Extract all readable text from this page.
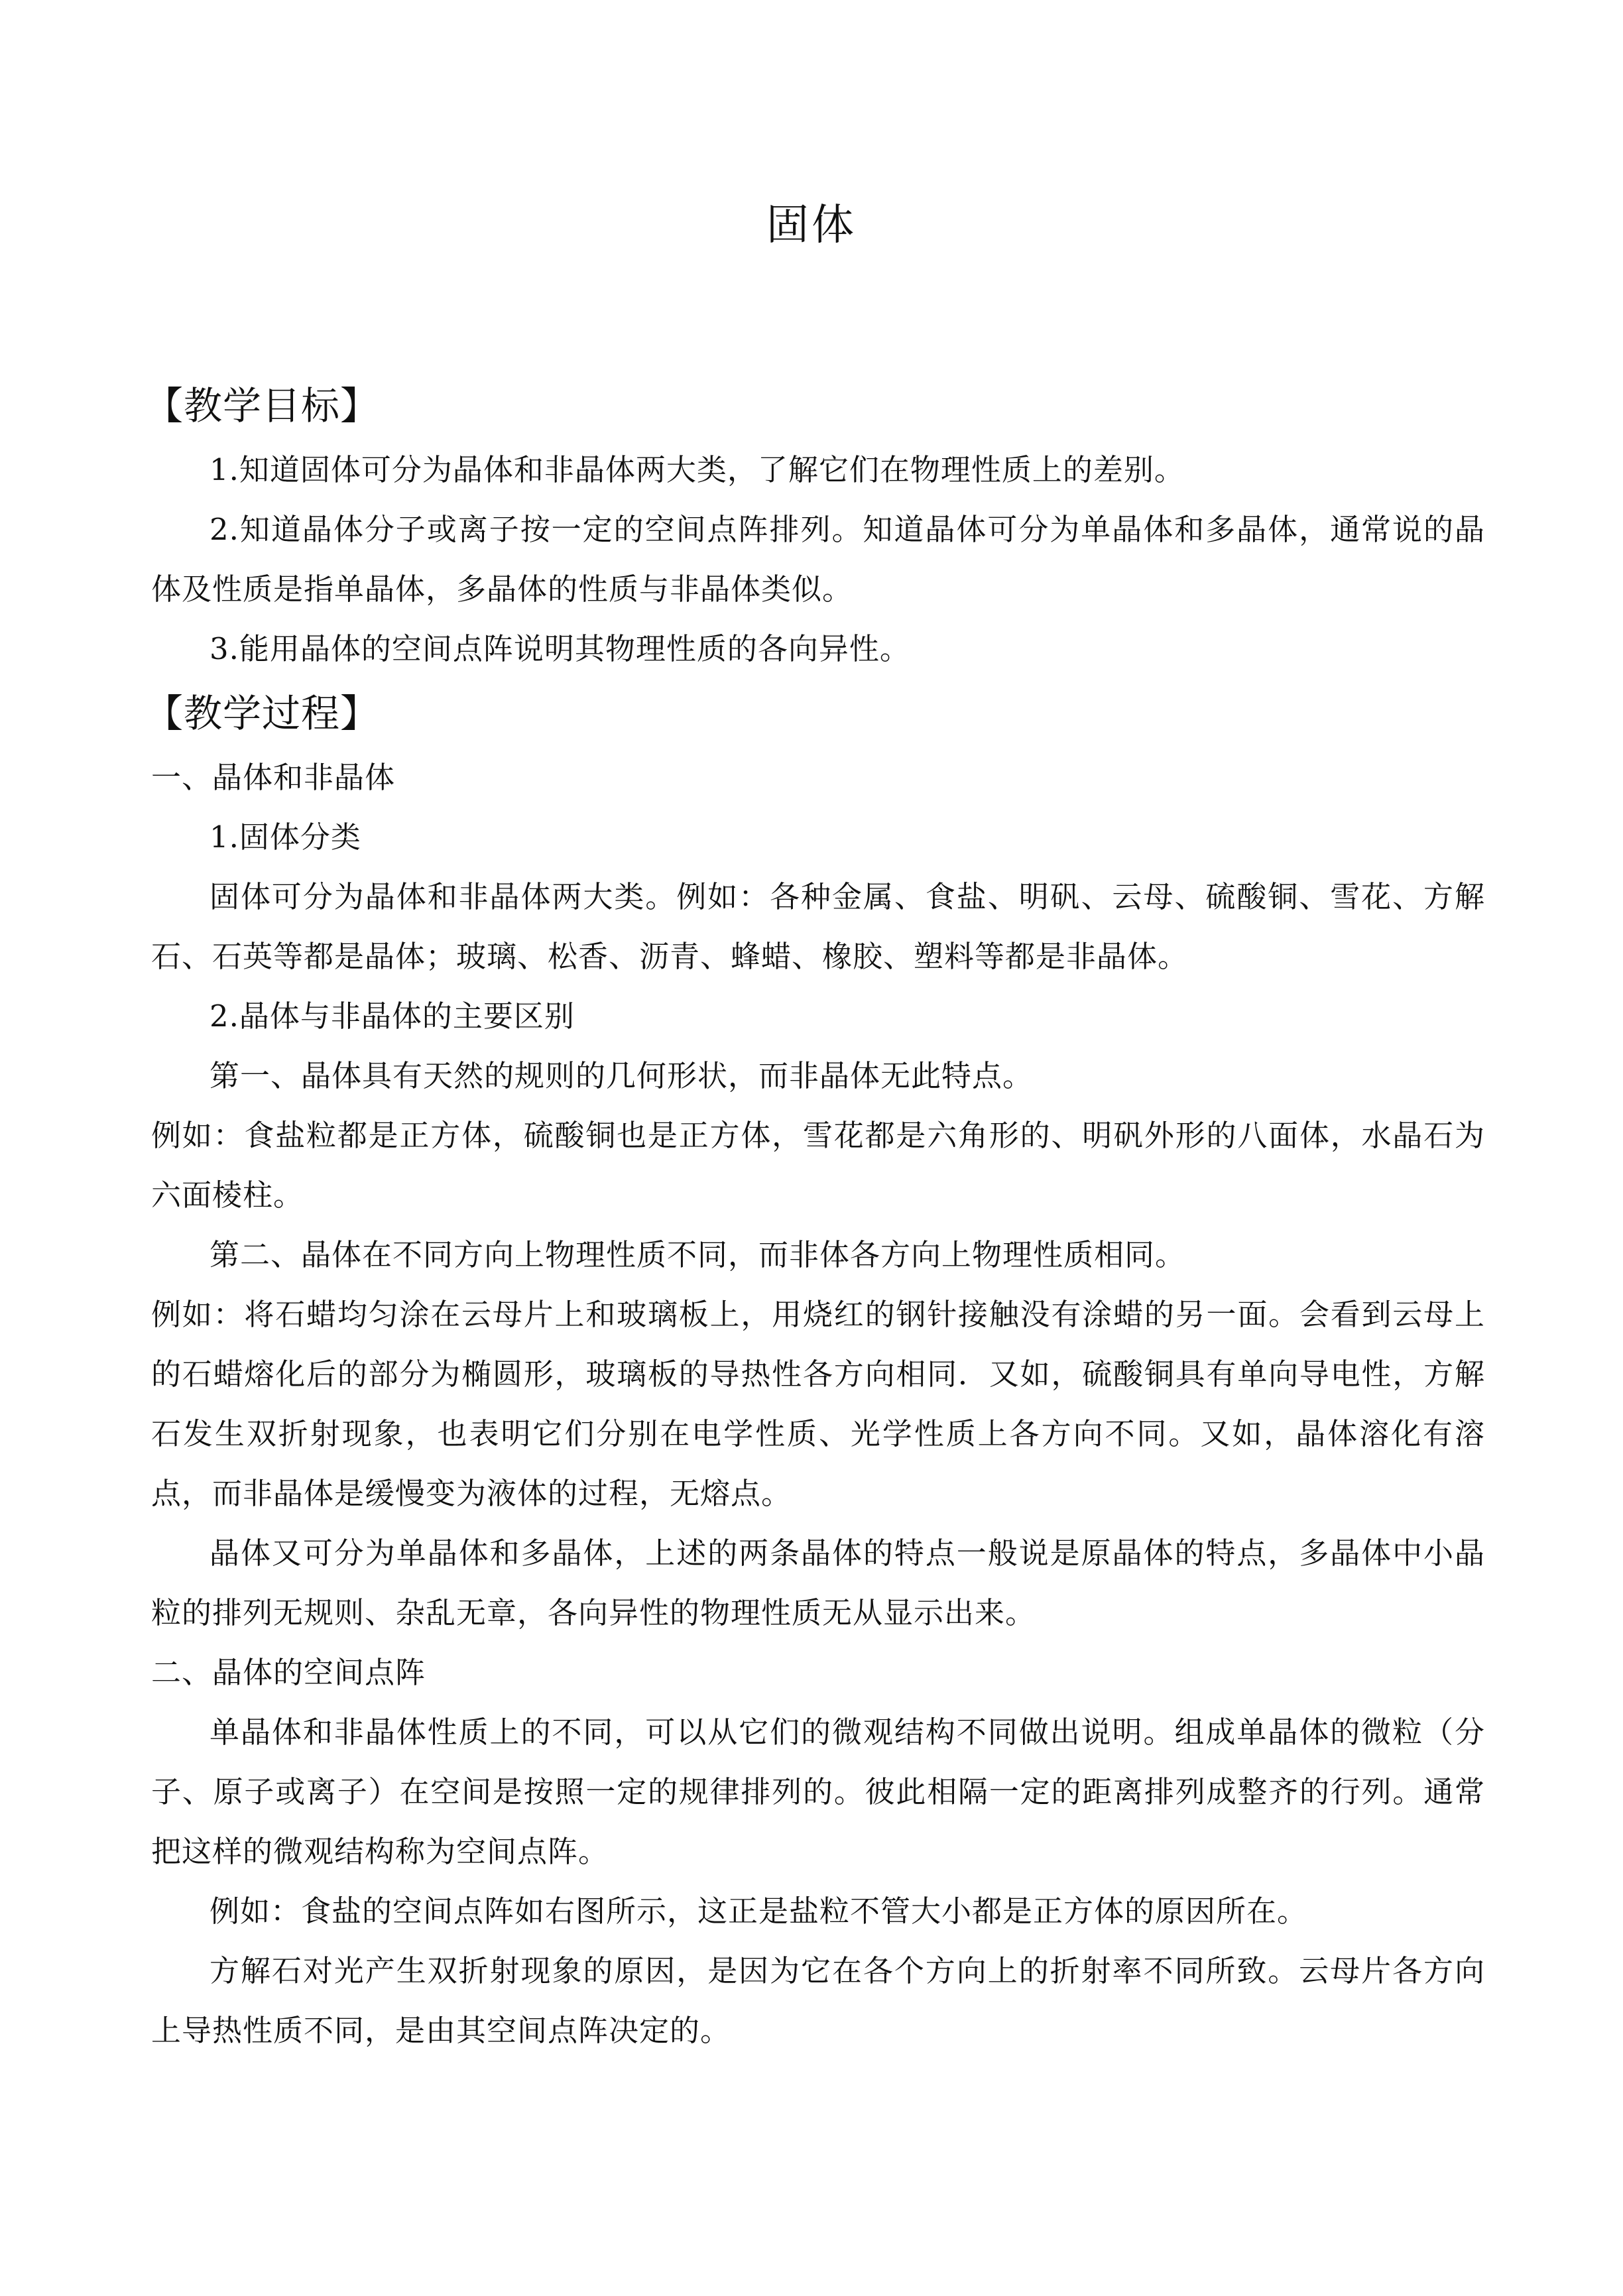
固体
【教学目标】
1.知道固体可分为晶体和非晶体两大类，了解它们在物理性质上的差别。
2.知道晶体分子或离子按一定的空间点阵排列。知道晶体可分为单晶体和多晶体，通常说的晶体及性质是指单晶体，多晶体的性质与非晶体类似。
3.能用晶体的空间点阵说明其物理性质的各向异性。
【教学过程】
一、晶体和非晶体
1.固体分类
固体可分为晶体和非晶体两大类。例如：各种金属、食盐、明矾、云母、硫酸铜、雪花、方解石、石英等都是晶体；玻璃、松香、沥青、蜂蜡、橡胶、塑料等都是非晶体。
2.晶体与非晶体的主要区别
第一、晶体具有天然的规则的几何形状，而非晶体无此特点。
例如：食盐粒都是正方体，硫酸铜也是正方体，雪花都是六角形的、明矾外形的八面体，水晶石为六面棱柱。
第二、晶体在不同方向上物理性质不同，而非体各方向上物理性质相同。
例如：将石蜡均匀涂在云母片上和玻璃板上，用烧红的钢针接触没有涂蜡的另一面。会看到云母上的石蜡熔化后的部分为椭圆形，玻璃板的导热性各方向相同．又如，硫酸铜具有单向导电性，方解石发生双折射现象，也表明它们分别在电学性质、光学性质上各方向不同。又如，晶体溶化有溶点，而非晶体是缓慢变为液体的过程，无熔点。
晶体又可分为单晶体和多晶体，上述的两条晶体的特点一般说是原晶体的特点，多晶体中小晶粒的排列无规则、杂乱无章，各向异性的物理性质无从显示出来。
二、晶体的空间点阵
单晶体和非晶体性质上的不同，可以从它们的微观结构不同做出说明。组成单晶体的微粒（分子、原子或离子）在空间是按照一定的规律排列的。彼此相隔一定的距离排列成整齐的行列。通常把这样的微观结构称为空间点阵。
例如：食盐的空间点阵如右图所示，这正是盐粒不管大小都是正方体的原因所在。
方解石对光产生双折射现象的原因，是因为它在各个方向上的折射率不同所致。云母片各方向上导热性质不同，是由其空间点阵决定的。
